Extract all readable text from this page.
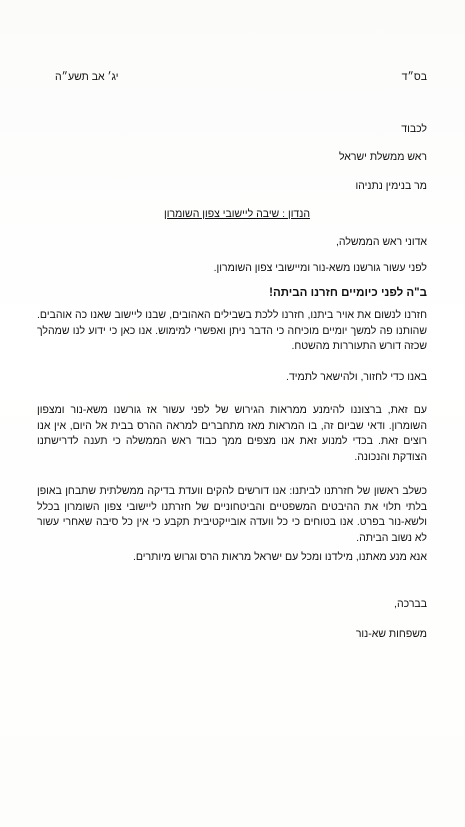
בס״ד
יג׳ אב תשע״ה
לכבוד
ראש ממשלת ישראל
מר בנימין נתניהו
הנדון : שיבה ליישובי צפון השומרון
אדוני ראש הממשלה,
לפני עשור גורשנו משא-נור ומיישובי צפון השומרון.
ב"ה לפני כיומיים חזרנו הביתה!
חזרנו לנשום את אויר ביתנו, חזרנו ללכת בשבילים האהובים, שבנו ליישוב שאנו כה אוהבים. שהותנו פה למשך יומיים מוכיחה כי הדבר ניתן ואפשרי למימוש. אנו כאן כי ידוע לנו שמהלך שכזה דורש התעוררות מהשטח.
באנו כדי לחזור, ולהישאר לתמיד.
עם זאת, ברצוננו להימנע ממראות הגירוש של לפני עשור אז גורשנו משא-נור ומצפון השומרון. ודאי שביום זה, בו המראות מאז מתחברים למראה ההרס בבית אל היום, אין אנו רוצים זאת. בכדי למנוע זאת אנו מצפים ממך כבוד ראש הממשלה כי תענה לדרישתנו הצודקת והנכונה.
כשלב ראשון של חזרתנו לביתנו: אנו דורשים להקים וועדת בדיקה ממשלתית שתבחן באופן בלתי תלוי את ההיבטים המשפטיים והביטחוניים של חזרתנו ליישובי צפון השומרון בכלל ולשא-נור בפרט. אנו בטוחים כי כל וועדה אובייקטיבית תקבע כי אין כל סיבה שאחרי עשור לא נשוב הביתה.
אנא מנע מאתנו, מילדנו ומכל עם ישראל מראות הרס וגרוש מיותרים.
בברכה,
משפחות שא-נור
